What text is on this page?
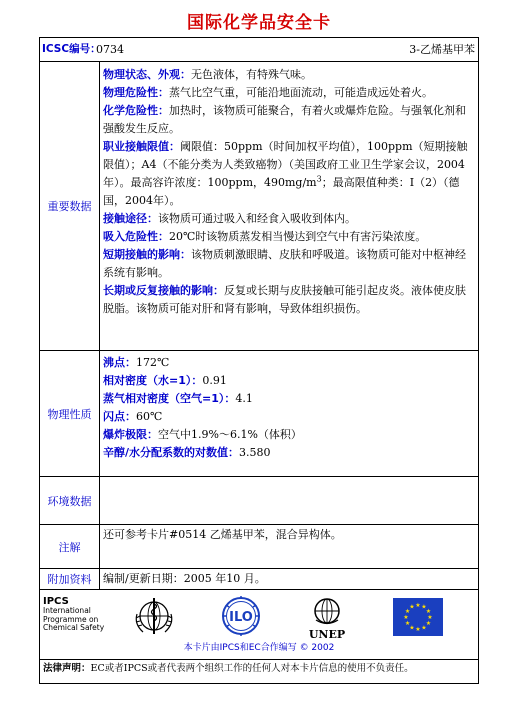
国际化学品安全卡
ICSC编号：
0734	3-乙烯基甲苯
重要数据

物理状态、外观：无色液体，有特殊气味。

物理危险性：蒸气比空气重，可能沿地面流动，可能造成远处着火。

化学危险性：加热时，该物质可能聚合，有着火或爆炸危险。与强氧化剂和强酸发生反应。

职业接触限值：阈限值：50ppm（时间加权平均值），100ppm（短期接触限值）；A4（不能分类为人类致癌物）（美国政府工业卫生学家会议，2004年）。最高容许浓度：100ppm，$490mg/m^3$；最高限值种类：I（2）（德国，2004年）。

接触途径：该物质可通过吸入和经食入吸收到体内。

吸入危险性：20℃时该物质蒸发相当慢达到空气中有害污染浓度。

短期接触的影响：该物质刺激眼睛、皮肤和呼吸道。该物质可能对中枢神经系统有影响。

长期或反复接触的影响：反复或长期与皮肤接触可能引起皮炎。液体使皮肤脱脂。该物质可能对肝和肾有影响，导致体组织损伤。

物理性质

沸点：172℃

相对密度（水=1）：0.91

蒸气相对密度（空气=1）：4.1

闪点：60℃

爆炸极限：空气中1.9%～6.1%（体积）

辛醇/水分配系数的对数值：3.580

环境数据
注解
还可参考卡片#0514 乙烯基甲苯，混合异构体。
附加资料	编制/更新日期：2005 年10 月。
IPCS
International
Programme on
Chemical Safety
ILO
UNEP
★
★
★
★
★
★
★
★
★ ★ ★
★
本卡片由IPCS和EC合作编写 © 2002
法律声明：EC或者IPCS或者代表两个组织工作的任何人对本卡片信息的使用不负责任。
